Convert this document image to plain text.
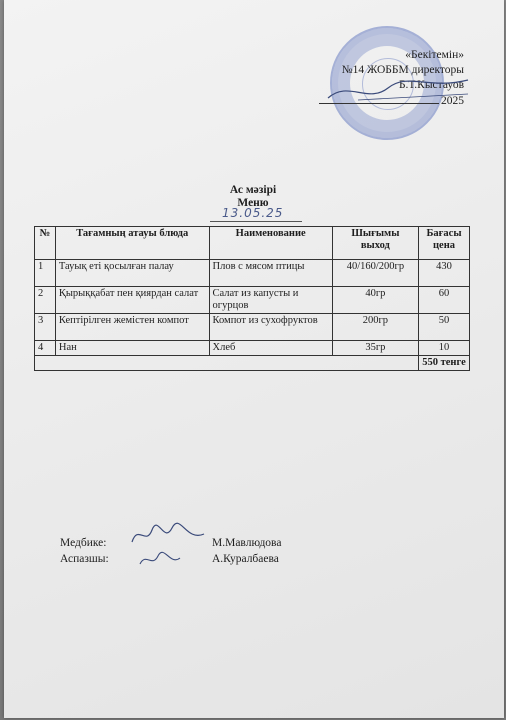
«Бекітемін»
№14 ЖОББМ директоры
Б.Т.Кыстауов
2025
Ас мәзірі
Меню
13.05.25
№	Тағамның атауы блюда	Наименование	Шығымы выход	Бағасы цена
1	Тауық еті қосылған палау	Плов с мясом птицы	40/160/200гр	430
2	Қырыққабат пен қиярдан салат	Салат из капусты и огурцов	40гр	60
3	Кептірілген жемістен компот	Компот из сухофруктов	200гр	50
4	Нан	Хлеб	35гр	10
				550 тенге
Медбике:
Аспазшы:
М.Мавлюдова
А.Куралбаева
